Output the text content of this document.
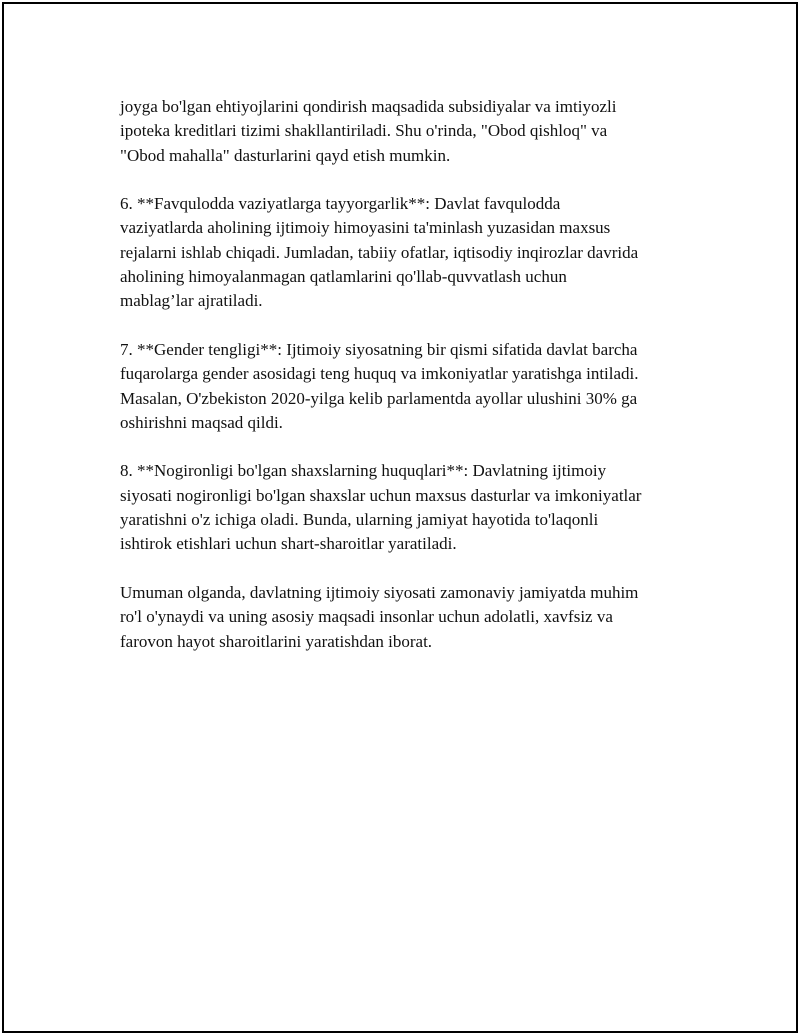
joyga bo'lgan ehtiyojlarini qondirish maqsadida subsidiyalar va imtiyozli
ipoteka kreditlari tizimi shakllantiriladi. Shu o'rinda, "Obod qishloq" va
"Obod mahalla" dasturlarini qayd etish mumkin.

6. **Favqulodda vaziyatlarga tayyorgarlik**: Davlat favqulodda
vaziyatlarda aholining ijtimoiy himoyasini ta'minlash yuzasidan maxsus
rejalarni ishlab chiqadi. Jumladan, tabiiy ofatlar, iqtisodiy inqirozlar davrida
aholining himoyalanmagan qatlamlarini qo'llab-quvvatlash uchun
mablag’lar ajratiladi.

7. **Gender tengligi**: Ijtimoiy siyosatning bir qismi sifatida davlat barcha
fuqarolarga gender asosidagi teng huquq va imkoniyatlar yaratishga intiladi.
Masalan, O'zbekiston 2020-yilga kelib parlamentda ayollar ulushini 30% ga
oshirishni maqsad qildi.

8. **Nogironligi bo'lgan shaxslarning huquqlari**: Davlatning ijtimoiy
siyosati nogironligi bo'lgan shaxslar uchun maxsus dasturlar va imkoniyatlar
yaratishni o'z ichiga oladi. Bunda, ularning jamiyat hayotida to'laqonli
ishtirok etishlari uchun shart-sharoitlar yaratiladi.

Umuman olganda, davlatning ijtimoiy siyosati zamonaviy jamiyatda muhim
ro'l o'ynaydi va uning asosiy maqsadi insonlar uchun adolatli, xavfsiz va
farovon hayot sharoitlarini yaratishdan iborat.
